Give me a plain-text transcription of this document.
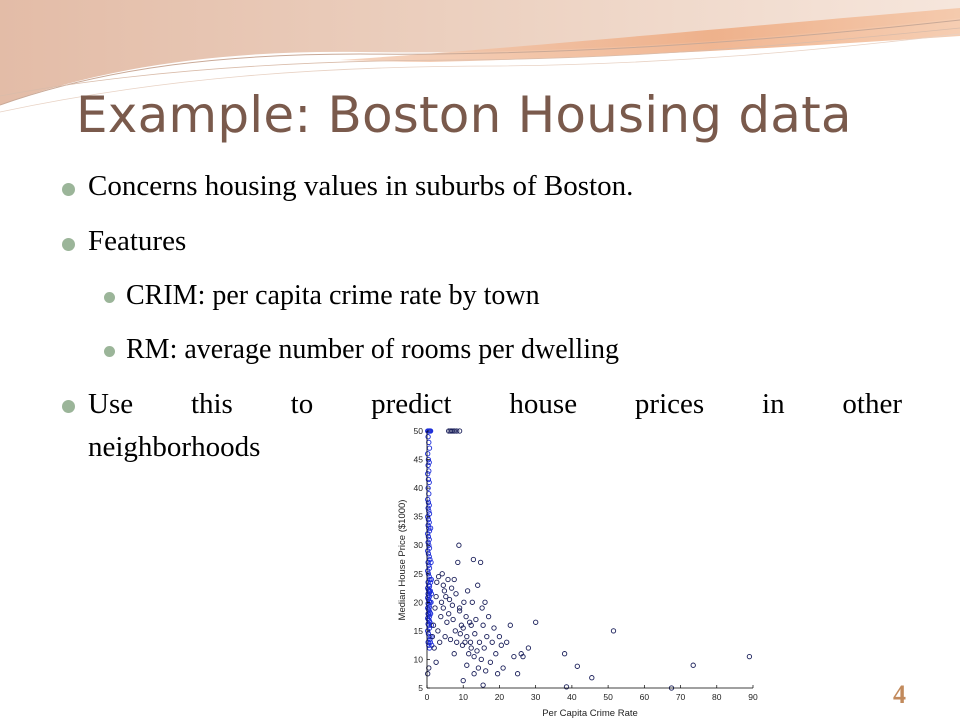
Example: Boston Housing data
Concerns housing values in suburbs of Boston.
Features
CRIM: per capita crime rate by town
RM: average number of rooms per dwelling
Use this to predict house prices in other
neighborhoods
0	10	20	30	40	50	60	70	80	90
5
10
15
20
25
30
35
40
45
50
Per Capita Crime Rate
Median House Price ($1000)
4
